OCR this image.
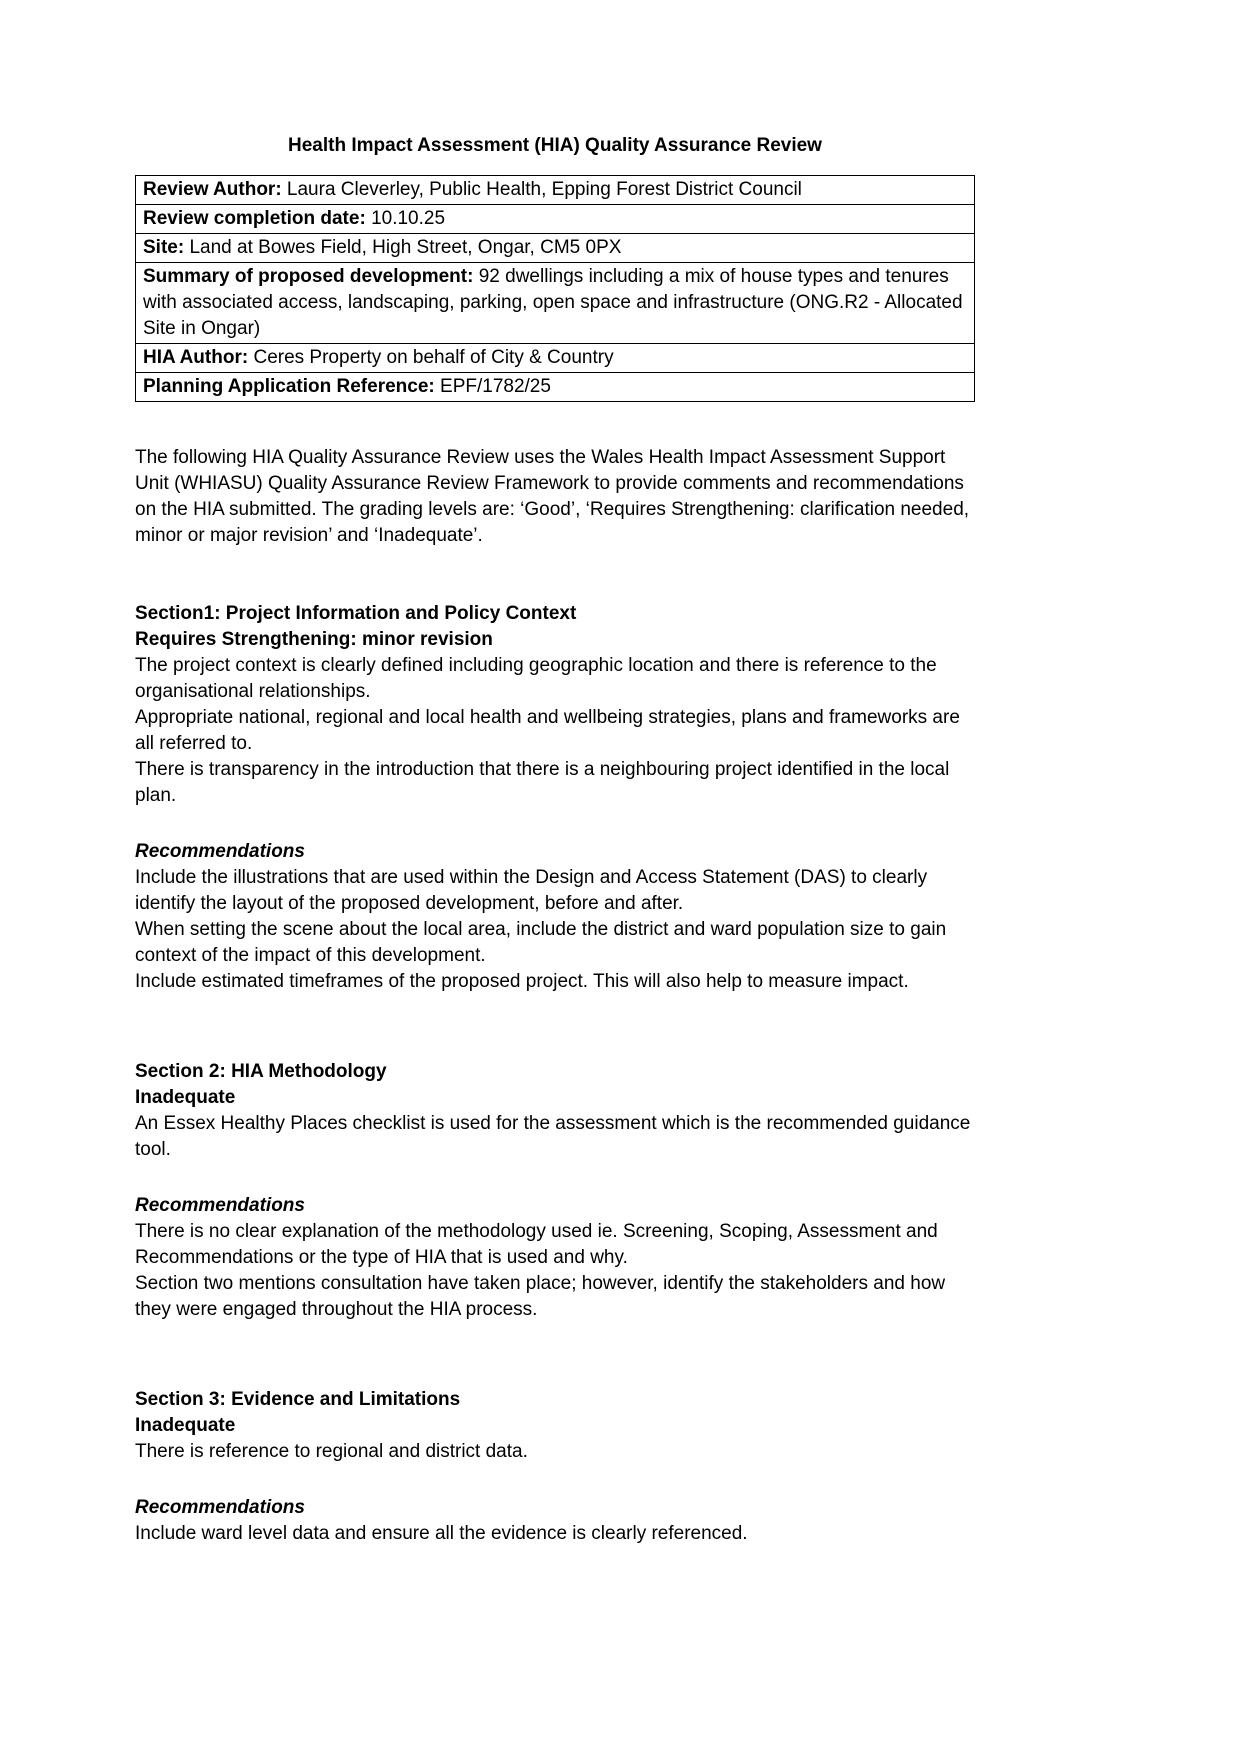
Health Impact Assessment (HIA) Quality Assurance Review
Review Author: Laura Cleverley, Public Health, Epping Forest District Council
Review completion date: 10.10.25
Site: Land at Bowes Field, High Street, Ongar, CM5 0PX
Summary of proposed development: 92 dwellings including a mix of house types and tenures with associated access, landscaping, parking, open space and infrastructure (ONG.R2 - Allocated Site in Ongar)
HIA Author: Ceres Property on behalf of City & Country
Planning Application Reference: EPF/1782/25

The following HIA Quality Assurance Review uses the Wales Health Impact Assessment Support Unit (WHIASU) Quality Assurance Review Framework to provide comments and recommendations on the HIA submitted. The grading levels are: ‘Good’, ‘Requires Strengthening: clarification needed, minor or major revision’ and ‘Inadequate’.

Section1: Project Information and Policy Context

Requires Strengthening: minor revision

The project context is clearly defined including geographic location and there is reference to the organisational relationships.

Appropriate national, regional and local health and wellbeing strategies, plans and frameworks are all referred to.

There is transparency in the introduction that there is a neighbouring project identified in the local plan.

Recommendations

Include the illustrations that are used within the Design and Access Statement (DAS) to clearly identify the layout of the proposed development, before and after.

When setting the scene about the local area, include the district and ward population size to gain context of the impact of this development.

Include estimated timeframes of the proposed project. This will also help to measure impact.

Section 2: HIA Methodology

Inadequate

An Essex Healthy Places checklist is used for the assessment which is the recommended guidance tool.

Recommendations

There is no clear explanation of the methodology used ie. Screening, Scoping, Assessment and Recommendations or the type of HIA that is used and why.

Section two mentions consultation have taken place; however, identify the stakeholders and how they were engaged throughout the HIA process.

Section 3: Evidence and Limitations

Inadequate

There is reference to regional and district data.

Recommendations

Include ward level data and ensure all the evidence is clearly referenced.
